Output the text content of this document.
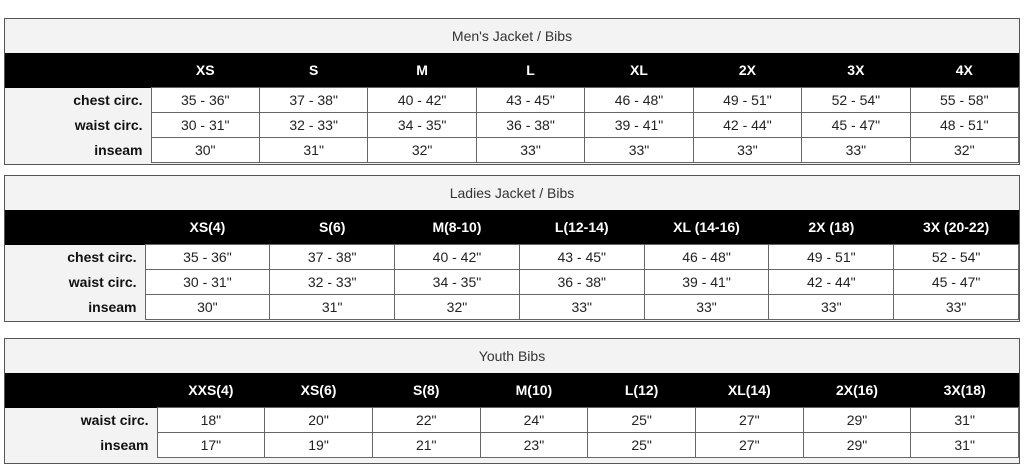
Men's Jacket / Bibs
	XS	S	M	L	XL	2X	3X	4X
chest circ.	35 - 36"	37 - 38"	40 - 42"	43 - 45"	46 - 48"	49 - 51"	52 - 54"	55 - 58"
waist circ.	30 - 31"	32 - 33"	34 - 35"	36 - 38"	39 - 41"	42 - 44"	45 - 47"	48 - 51"
inseam	30"	31"	32"	33"	33"	33"	33"	32"
Ladies Jacket / Bibs
	XS(4)	S(6)	M(8-10)	L(12-14)	XL (14-16)	2X (18)	3X (20-22)
chest circ.	35 - 36"	37 - 38"	40 - 42"	43 - 45"	46 - 48"	49 - 51"	52 - 54"
waist circ.	30 - 31"	32 - 33"	34 - 35"	36 - 38"	39 - 41"	42 - 44"	45 - 47"
inseam	30"	31"	32"	33"	33"	33"	33"
Youth Bibs
	XXS(4)	XS(6)	S(8)	M(10)	L(12)	XL(14)	2X(16)	3X(18)
waist circ.	18"	20"	22"	24"	25"	27"	29"	31"
inseam	17"	19"	21"	23"	25"	27"	29"	31"
